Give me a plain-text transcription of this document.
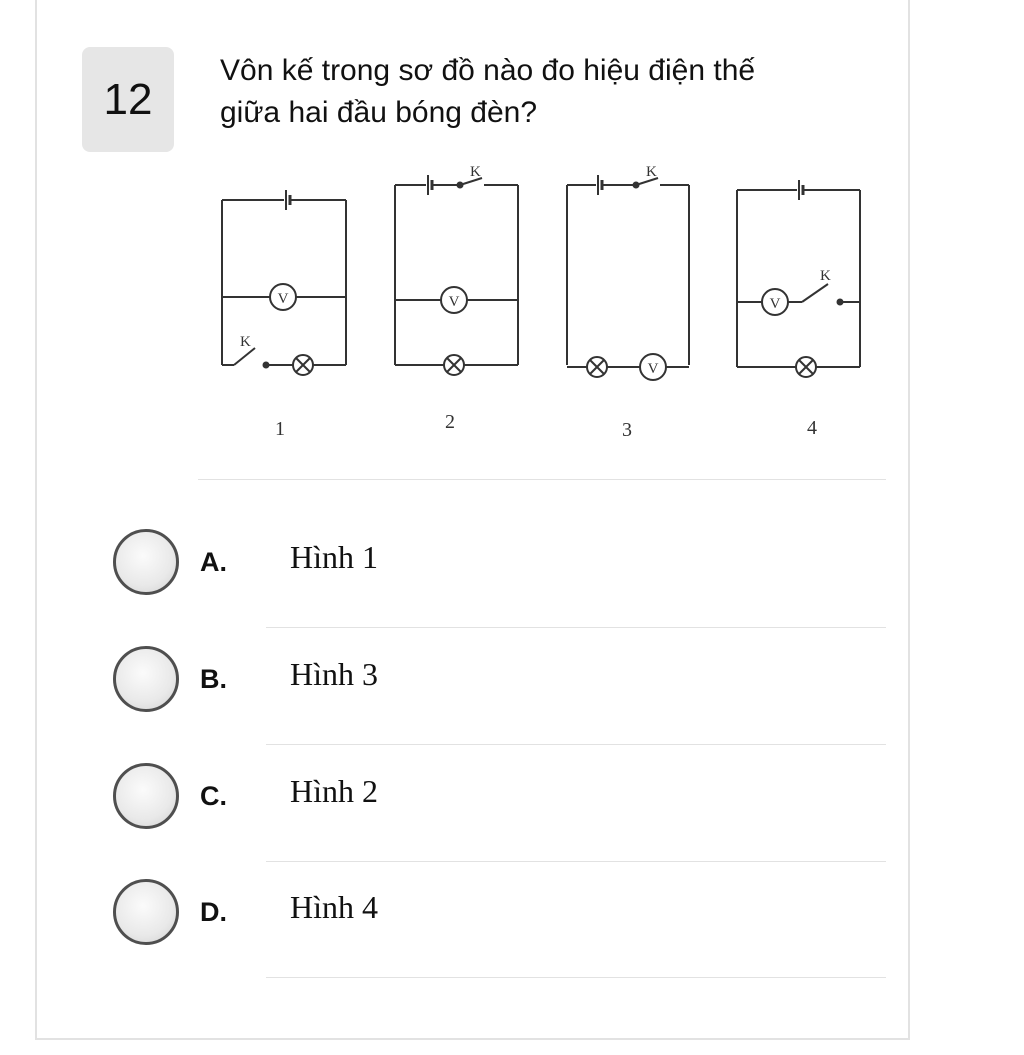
12
Vôn kế trong sơ đồ nào đo hiệu điện thế
giữa hai đầu bóng đèn?
V
K
K
V
K
V
V
K
1	2	3	4
A. Hình 1
B. Hình 3
C. Hình 2
D. Hình 4
